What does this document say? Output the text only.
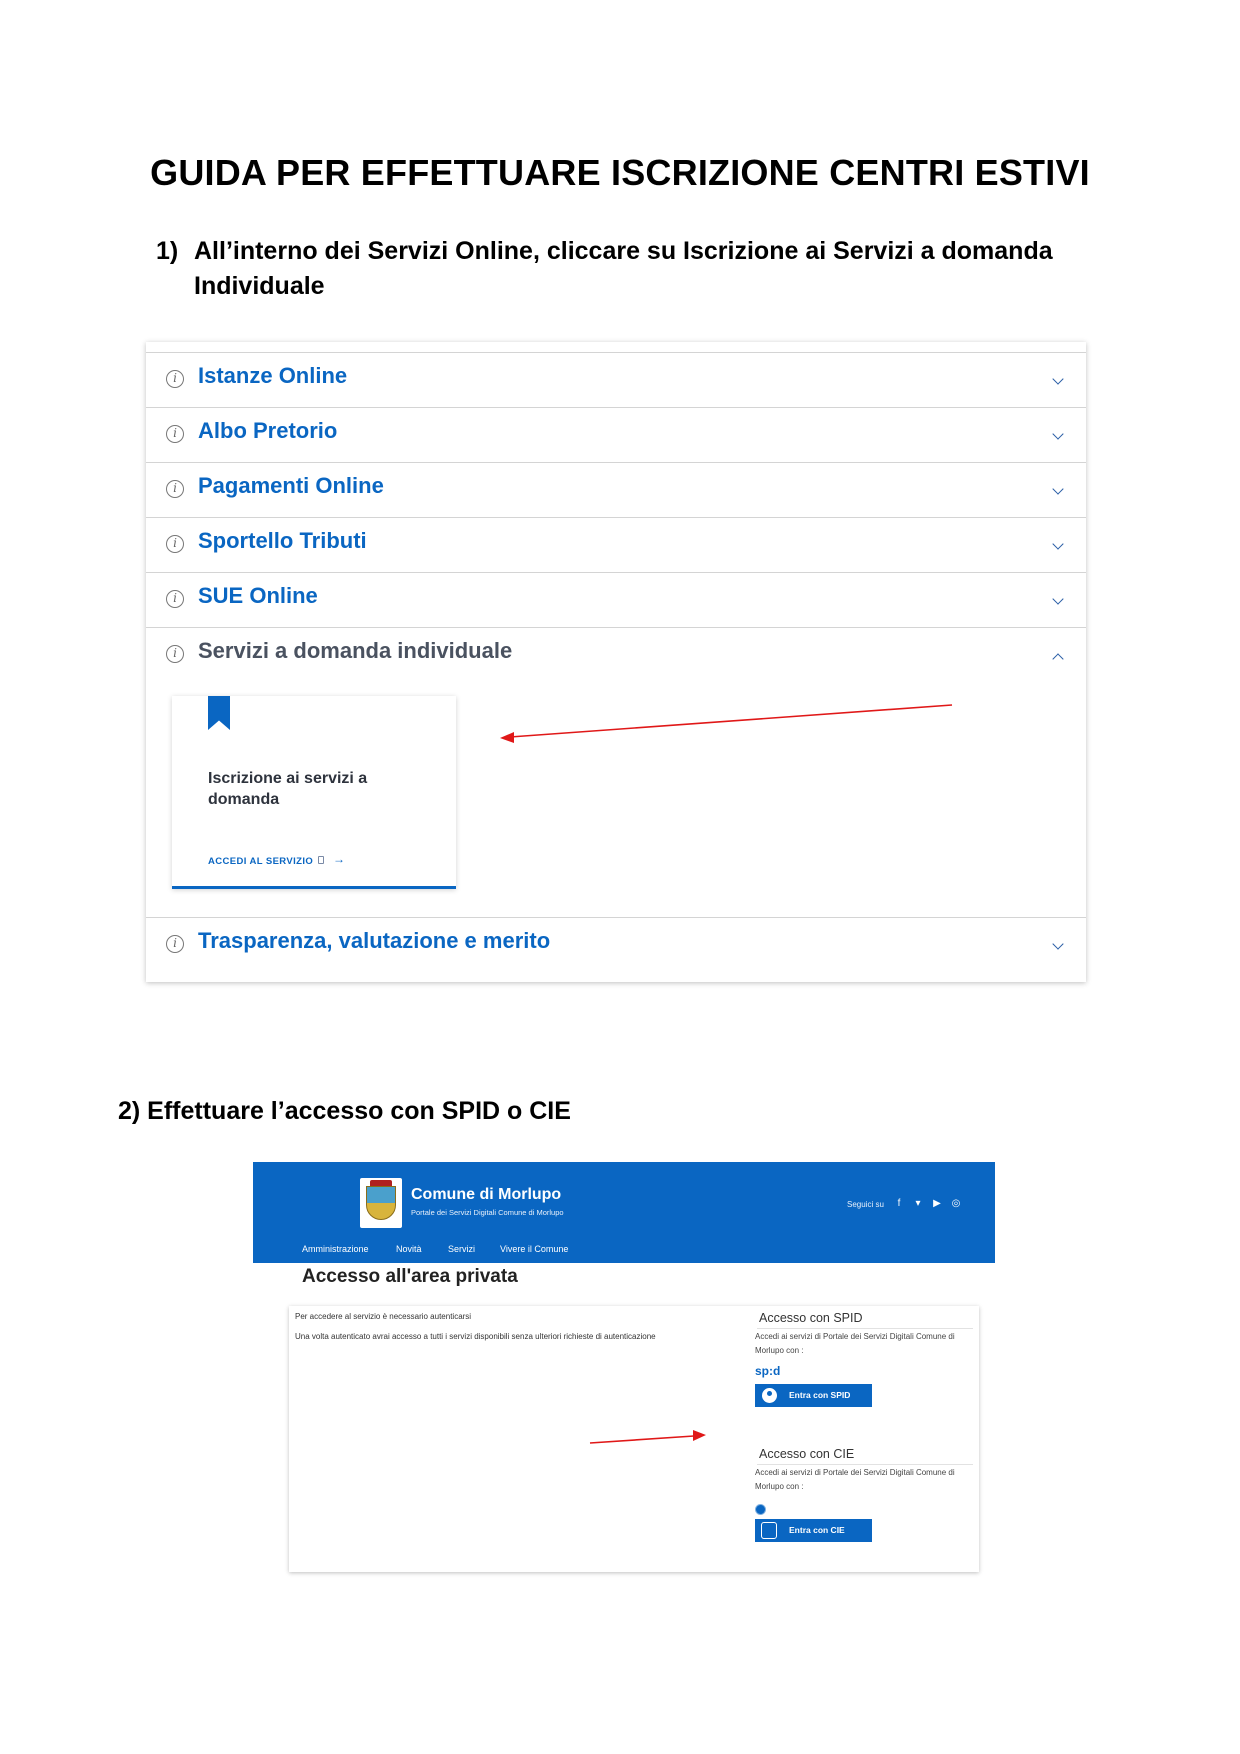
GUIDA PER EFFETTUARE ISCRIZIONE CENTRI ESTIVI
1) All’interno dei Servizi Online, cliccare su Iscrizione ai Servizi a domanda Individuale
i Istanze Online
i Albo Pretorio
i Pagamenti Online
i Sportello Tributi
i SUE Online
i Servizi a domanda individuale
Iscrizione ai servizi a domanda
ACCEDI AL SERVIZIO →
i Trasparenza, valutazione e merito
2) Effettuare l’accesso con SPID o CIE
Comune di Morlupo
Portale dei Servizi Digitali Comune di Morlupo
Seguici su	f	▾	▶ ◎
Amministrazione	Novità	Servizi	Vivere il Comune
Accesso all'area privata
Per accedere al servizio è necessario autenticarsi
Una volta autenticato avrai accesso a tutti i servizi disponibili senza ulteriori richieste di autenticazione
Accesso con SPID
Accedi ai servizi di Portale dei Servizi Digitali Comune di Morlupo con :
sp:d
Entra con SPID
Accesso con CIE
Accedi ai servizi di Portale dei Servizi Digitali Comune di Morlupo con :
Entra con CIE
